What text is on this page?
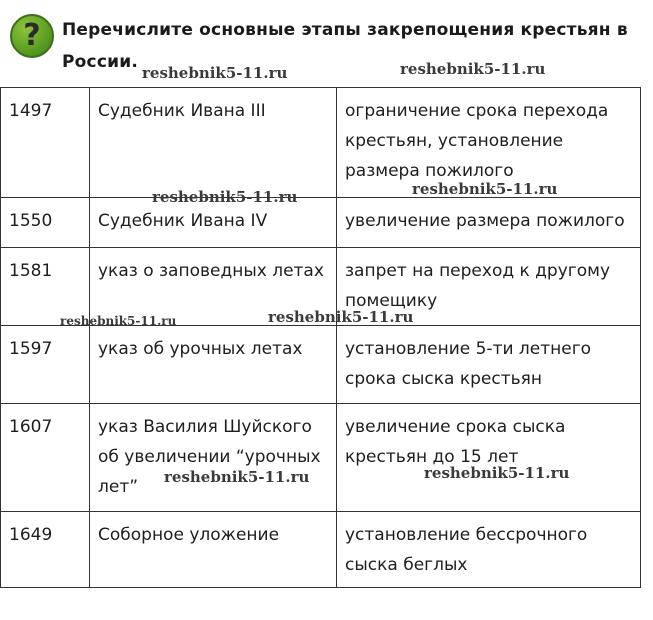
?	Перечислите основные этапы закрепощения крестьян в России.
1497	Судебник Ивана III	ограничение срока перехода крестьян, установление размера пожилого
1550	Судебник Ивана IV	увеличение размера пожилого
1581	указ о заповедных летах	запрет на переход к другому помещику
1597	указ об урочных летах	установление 5-ти летнего срока сыска крестьян
1607	указ Василия Шуйского об увеличении “урочных лет”	увеличение срока сыска крестьян до 15 лет
1649	Соборное уложение	установление бессрочного сыска беглых
reshebnik5-11.ru	reshebnik5-11.ru
reshebnik5-11.ru	reshebnik5-11.ru
reshebnik5-11.ru	reshebnik5-11.ru
reshebnik5-11.ru	reshebnik5-11.ru
